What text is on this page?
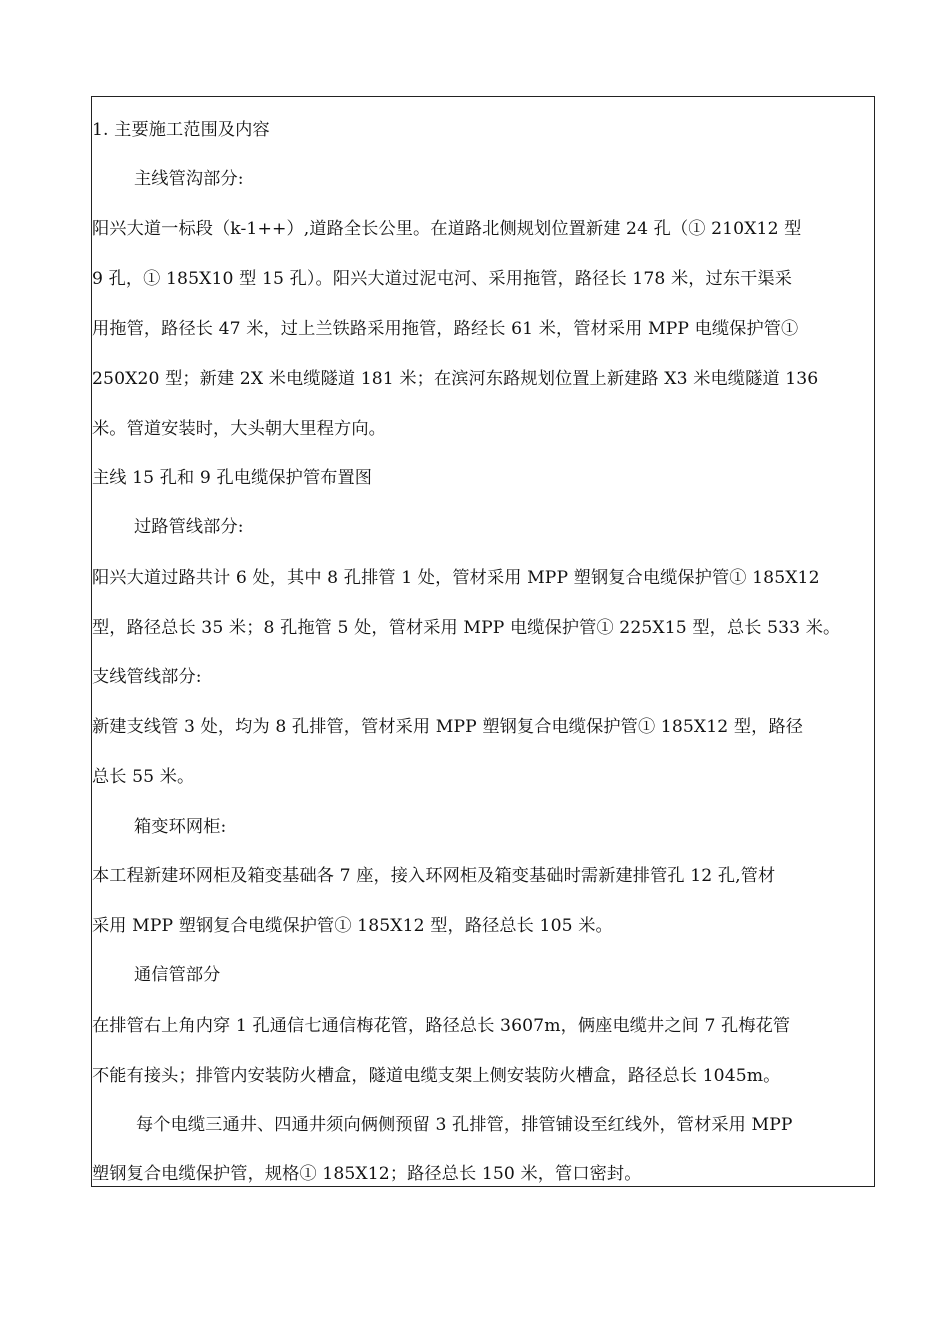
1. 主要施工范围及内容
主线管沟部分:
阳兴大道一标段（k-1++）,道路全长公里。在道路北侧规划位置新建 24 孔（① 210X12 型
9 孔，① 185X10 型 15 孔）。阳兴大道过泥屯河、采用拖管，路径长 178 米，过东干渠采
用拖管，路径长 47 米，过上兰铁路采用拖管，路经长 61 米，管材采用 MPP 电缆保护管①
250X20 型；新建 2X 米电缆隧道 181 米；在滨河东路规划位置上新建路 X3 米电缆隧道 136
米。管道安装时，大头朝大里程方向。
主线 15 孔和 9 孔电缆保护管布置图
过路管线部分:
阳兴大道过路共计 6 处，其中 8 孔排管 1 处，管材采用 MPP 塑钢复合电缆保护管① 185X12
型，路径总长 35 米；8 孔拖管 5 处，管材采用 MPP 电缆保护管① 225X15 型，总长 533 米。
支线管线部分:
新建支线管 3 处，均为 8 孔排管，管材采用 MPP 塑钢复合电缆保护管① 185X12 型，路径
总长 55 米。
箱变环网柜:
本工程新建环网柜及箱变基础各 7 座，接入环网柜及箱变基础时需新建排管孔 12 孔,管材
采用 MPP 塑钢复合电缆保护管① 185X12 型，路径总长 105 米。
通信管部分
在排管右上角内穿 1 孔通信七通信梅花管，路径总长 3607m，俩座电缆井之间 7 孔梅花管
不能有接头；排管内安装防火槽盒，隧道电缆支架上侧安装防火槽盒，路径总长 1045m。
每个电缆三通井、四通井须向俩侧预留 3 孔排管，排管铺设至红线外，管材采用 MPP
塑钢复合电缆保护管，规格① 185X12；路径总长 150 米，管口密封。
